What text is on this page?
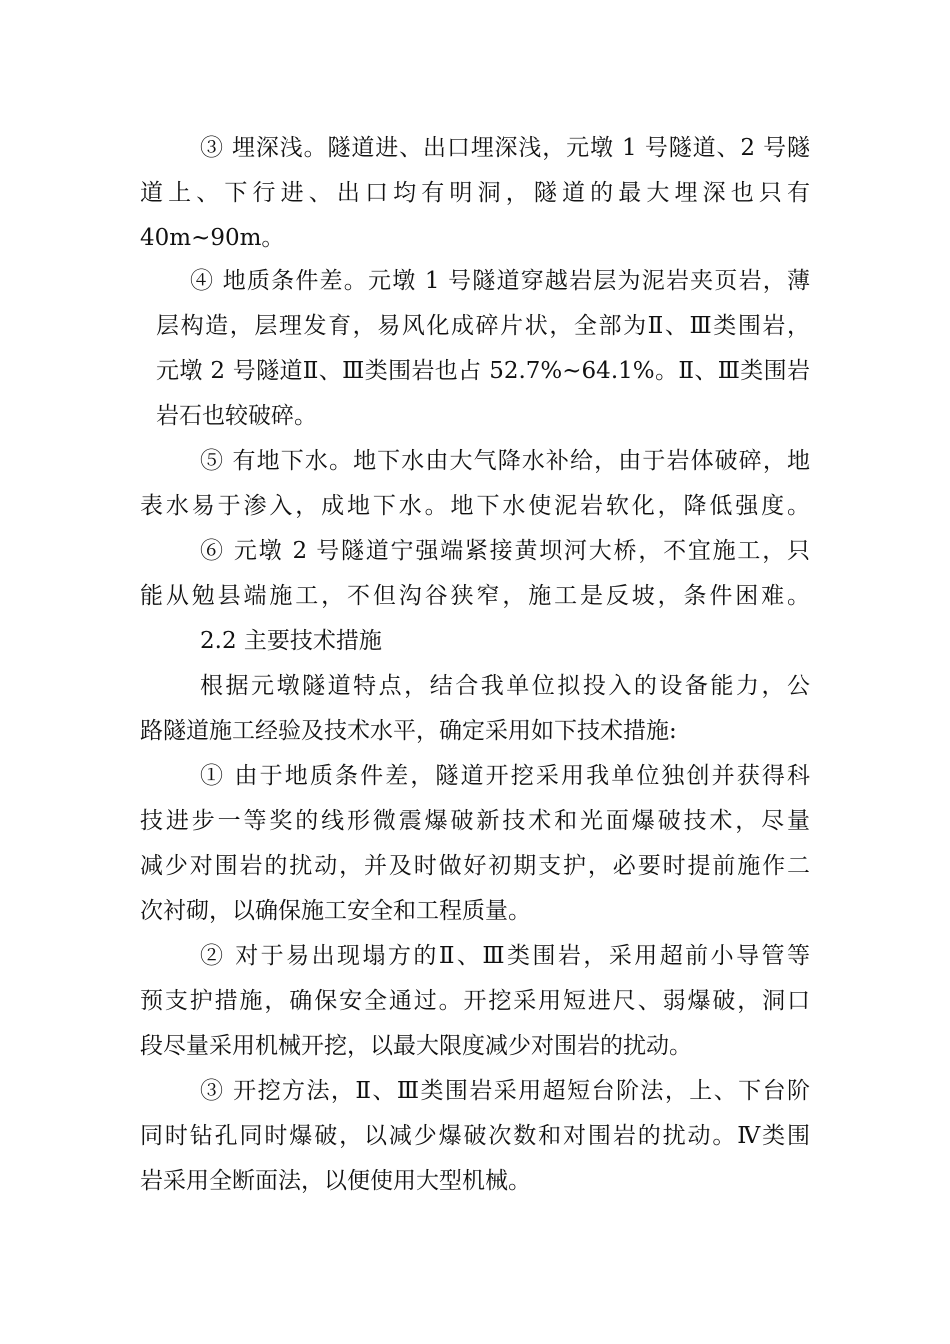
③ 埋深浅。隧道进、出口埋深浅，元墩 1 号隧道、2 号隧
道上、下行进、出口均有明洞，隧道的最大埋深也只有
40m~90m。
④ 地质条件差。元墩 1 号隧道穿越岩层为泥岩夹页岩，薄
层构造，层理发育，易风化成碎片状，全部为Ⅱ、Ⅲ类围岩，
元墩 2 号隧道Ⅱ、Ⅲ类围岩也占 52.7%~64.1%。Ⅱ、Ⅲ类围岩
岩石也较破碎。
⑤ 有地下水。地下水由大气降水补给，由于岩体破碎，地
表水易于渗入，成地下水。地下水使泥岩软化，降低强度。
⑥ 元墩 2 号隧道宁强端紧接黄坝河大桥，不宜施工，只
能从勉县端施工，不但沟谷狭窄，施工是反坡，条件困难。
2.2 主要技术措施
根据元墩隧道特点，结合我单位拟投入的设备能力，公
路隧道施工经验及技术水平，确定采用如下技术措施:
① 由于地质条件差，隧道开挖采用我单位独创并获得科
技进步一等奖的线形微震爆破新技术和光面爆破技术，尽量
减少对围岩的扰动，并及时做好初期支护，必要时提前施作二
次衬砌，以确保施工安全和工程质量。
② 对于易出现塌方的Ⅱ、Ⅲ类围岩，采用超前小导管等
预支护措施，确保安全通过。开挖采用短进尺、弱爆破，洞口
段尽量采用机械开挖，以最大限度减少对围岩的扰动。
③ 开挖方法，Ⅱ、Ⅲ类围岩采用超短台阶法，上、下台阶
同时钻孔同时爆破，以减少爆破次数和对围岩的扰动。Ⅳ类围
岩采用全断面法，以便使用大型机械。
